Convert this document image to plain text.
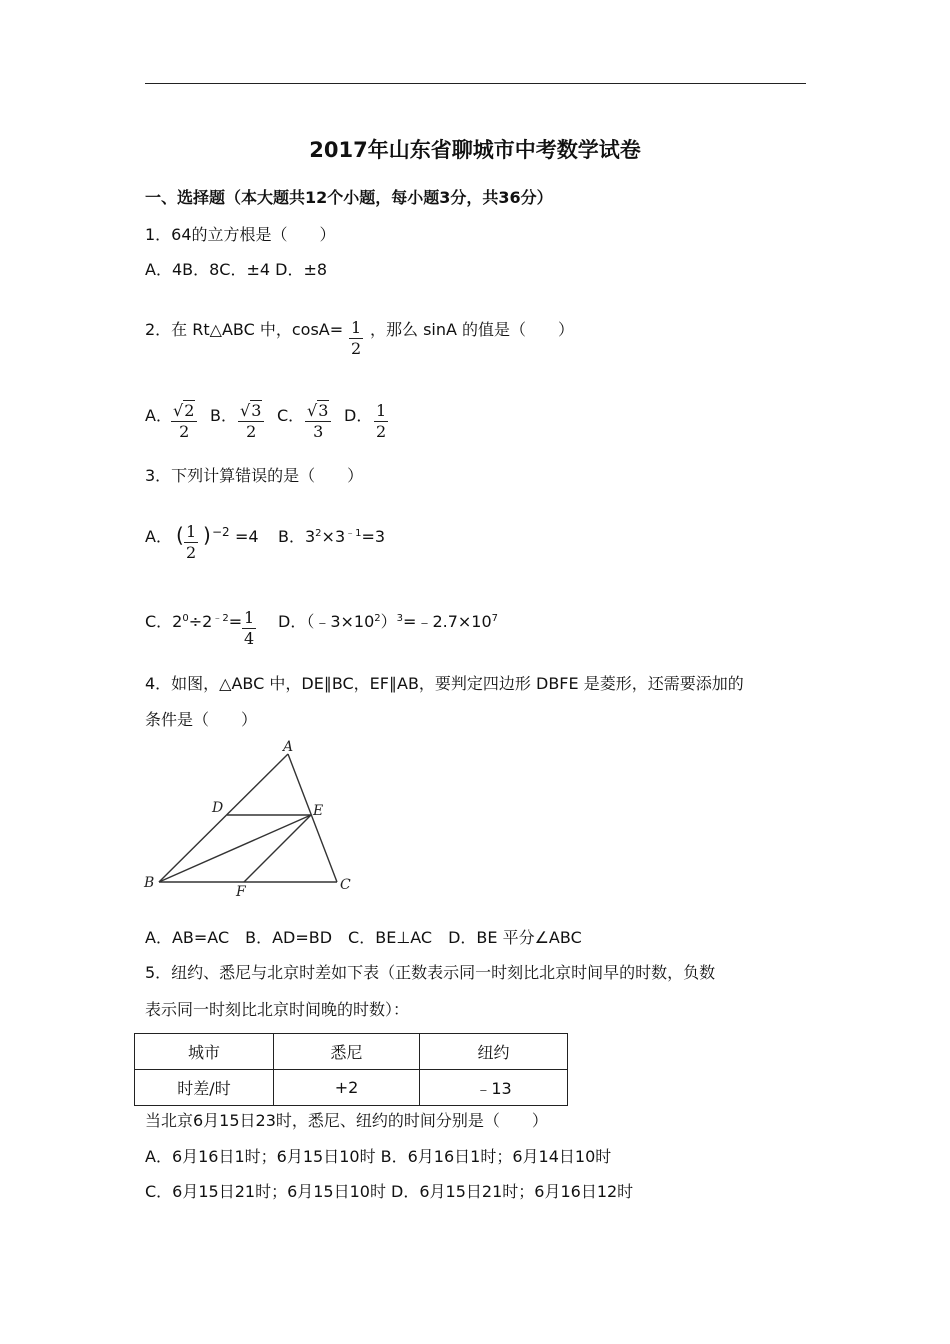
2017年山东省聊城市中考数学试卷
一、选择题（本大题共12个小题，每小题3分，共36分）
1．64的立方根是（　　）
A．4B．8C．±4 D．±8
2．在 Rt△ABC 中，$\cos A= \frac{1}{2}$ ，那么 sinA 的值是（　　）
A． $\frac{√2}{2}$ B． $\frac{√3}{2}$ C． $\frac{√3}{3}$ D． $\frac{1}{2}$
3．下列计算错误的是（　　）
A． ( $\frac{1}{2}$ ) −2 =4 B．$3^2\times 3^{﹣1}=3$
C．$2^0\div 2^{﹣2}= \frac{1}{4}$ D．$(﹣3\times 10^2)^3=﹣2.7\times 10^7$
4．如图，△ABC 中，DE∥BC，EF∥AB，要判定四边形 DBFE 是菱形，还需要添加的
条件是（　　）
A
D	E
B
F	C
A．AB=AC　B．AD=BD　C．BE⊥AC　D．BE 平分∠ABC
5．纽约、悉尼与北京时差如下表（正数表示同一时刻比北京时间早的时数，负数
表示同一时刻比北京时间晚的时数）：
城市	悉尼	纽约
时差/时	+2	﹣13
当北京6月15日23时，悉尼、纽约的时间分别是（　　）
A．6月16日1时；6月15日10时 B．6月16日1时；6月14日10时
C．6月15日21时；6月15日10时 D．6月15日21时；6月16日12时
